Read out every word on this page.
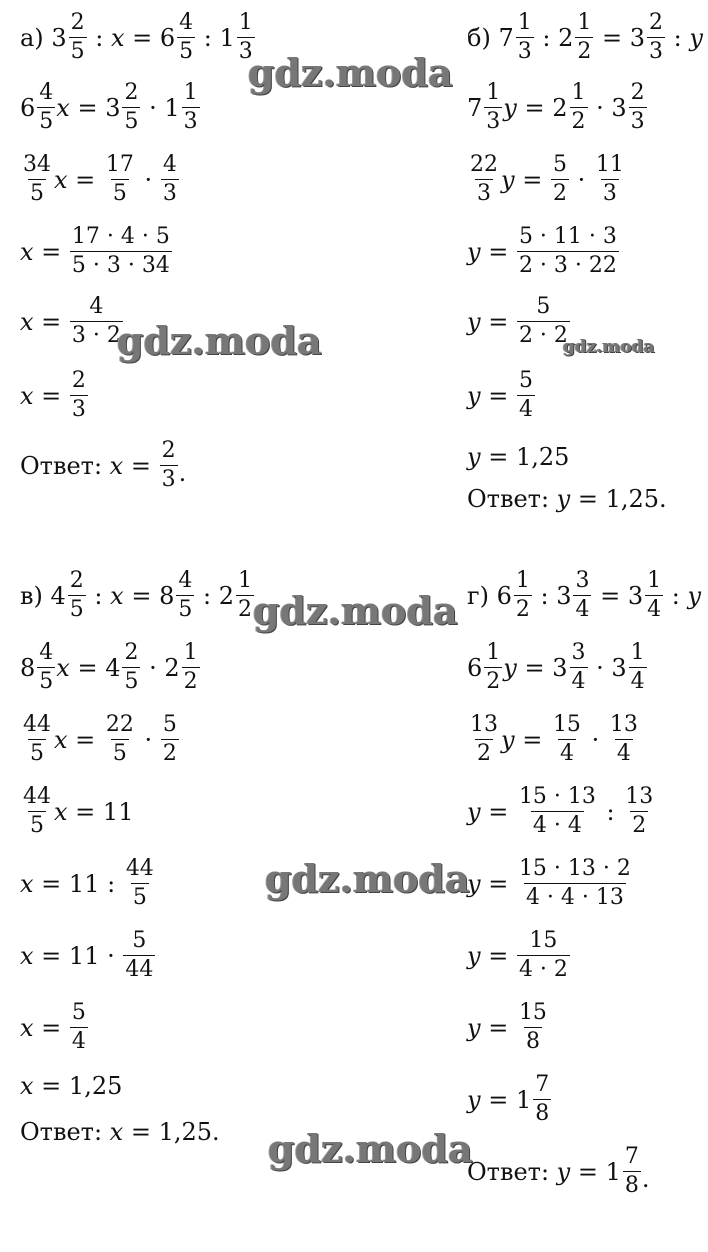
а)
$3 \frac{2}{5}$ : $x = 6 \frac{4}{5}$ : $1 \frac{1}{3}$
$6 \frac{4}{5}$ $x = 3 \frac{2}{5} \cdot 1 \frac{1}{3}$
$\frac{34}{5}$ $x = \frac{17}{5} \cdot \frac{4}{3}$
$x = \frac{17 \cdot 4 \cdot 5}{5 \cdot 3 \cdot 34}$
$x = \frac{4}{3 \cdot 2}$
$x = \frac{2}{3}$
Ответ:
$x = \frac{2}{3}$ .
б)
$7 \frac{1}{3}$ : $2 \frac{1}{2} = 3 \frac{2}{3}$ : y
$7 \frac{1}{3}$ $y = 2 \frac{1}{2} \cdot 3 \frac{2}{3}$
$\frac{22}{3}$ $y = \frac{5}{2} \cdot \frac{11}{3}$
$y = \frac{5 \cdot 11 \cdot 3}{2 \cdot 3 \cdot 22}$
$y = \frac{5}{2 \cdot 2}$
$y = \frac{5}{4}$
y = 1,25
Ответ:
y = 1,25.
в)
$4 \frac{2}{5}$ : $x = 8 \frac{4}{5}$ : $2 \frac{1}{2}$
$8 \frac{4}{5}$ $x = 4 \frac{2}{5} \cdot 2 \frac{1}{2}$
$\frac{44}{5}$ $x = \frac{22}{5} \cdot \frac{5}{2}$
$\frac{44}{5}$ x = 11
x = 11 : $\frac{44}{5}$
$x = 11 \cdot \frac{5}{44}$
$x = \frac{5}{4}$
x = 1,25
Ответ:
x = 1,25.
г)
$6 \frac{1}{2}$ : $3 \frac{3}{4} = 3 \frac{1}{4}$ : y
$6 \frac{1}{2}$ $y = 3 \frac{3}{4} \cdot 3 \frac{1}{4}$
$\frac{13}{2}$ $y = \frac{15}{4} \cdot \frac{13}{4}$
$y = \frac{15 \cdot 13}{4 \cdot 4}$ : $\frac{13}{2}$
$y = \frac{15 \cdot 13 \cdot 2}{4 \cdot 4 \cdot 13}$
$y = \frac{15}{4 \cdot 2}$
$y = \frac{15}{8}$
$y = 1 \frac{7}{8}$
Ответ:
$y = 1 \frac{7}{8}$ .
gdz.moda
gdz.moda	gdz.moda
gdz.moda
gdz.moda
gdz.moda
